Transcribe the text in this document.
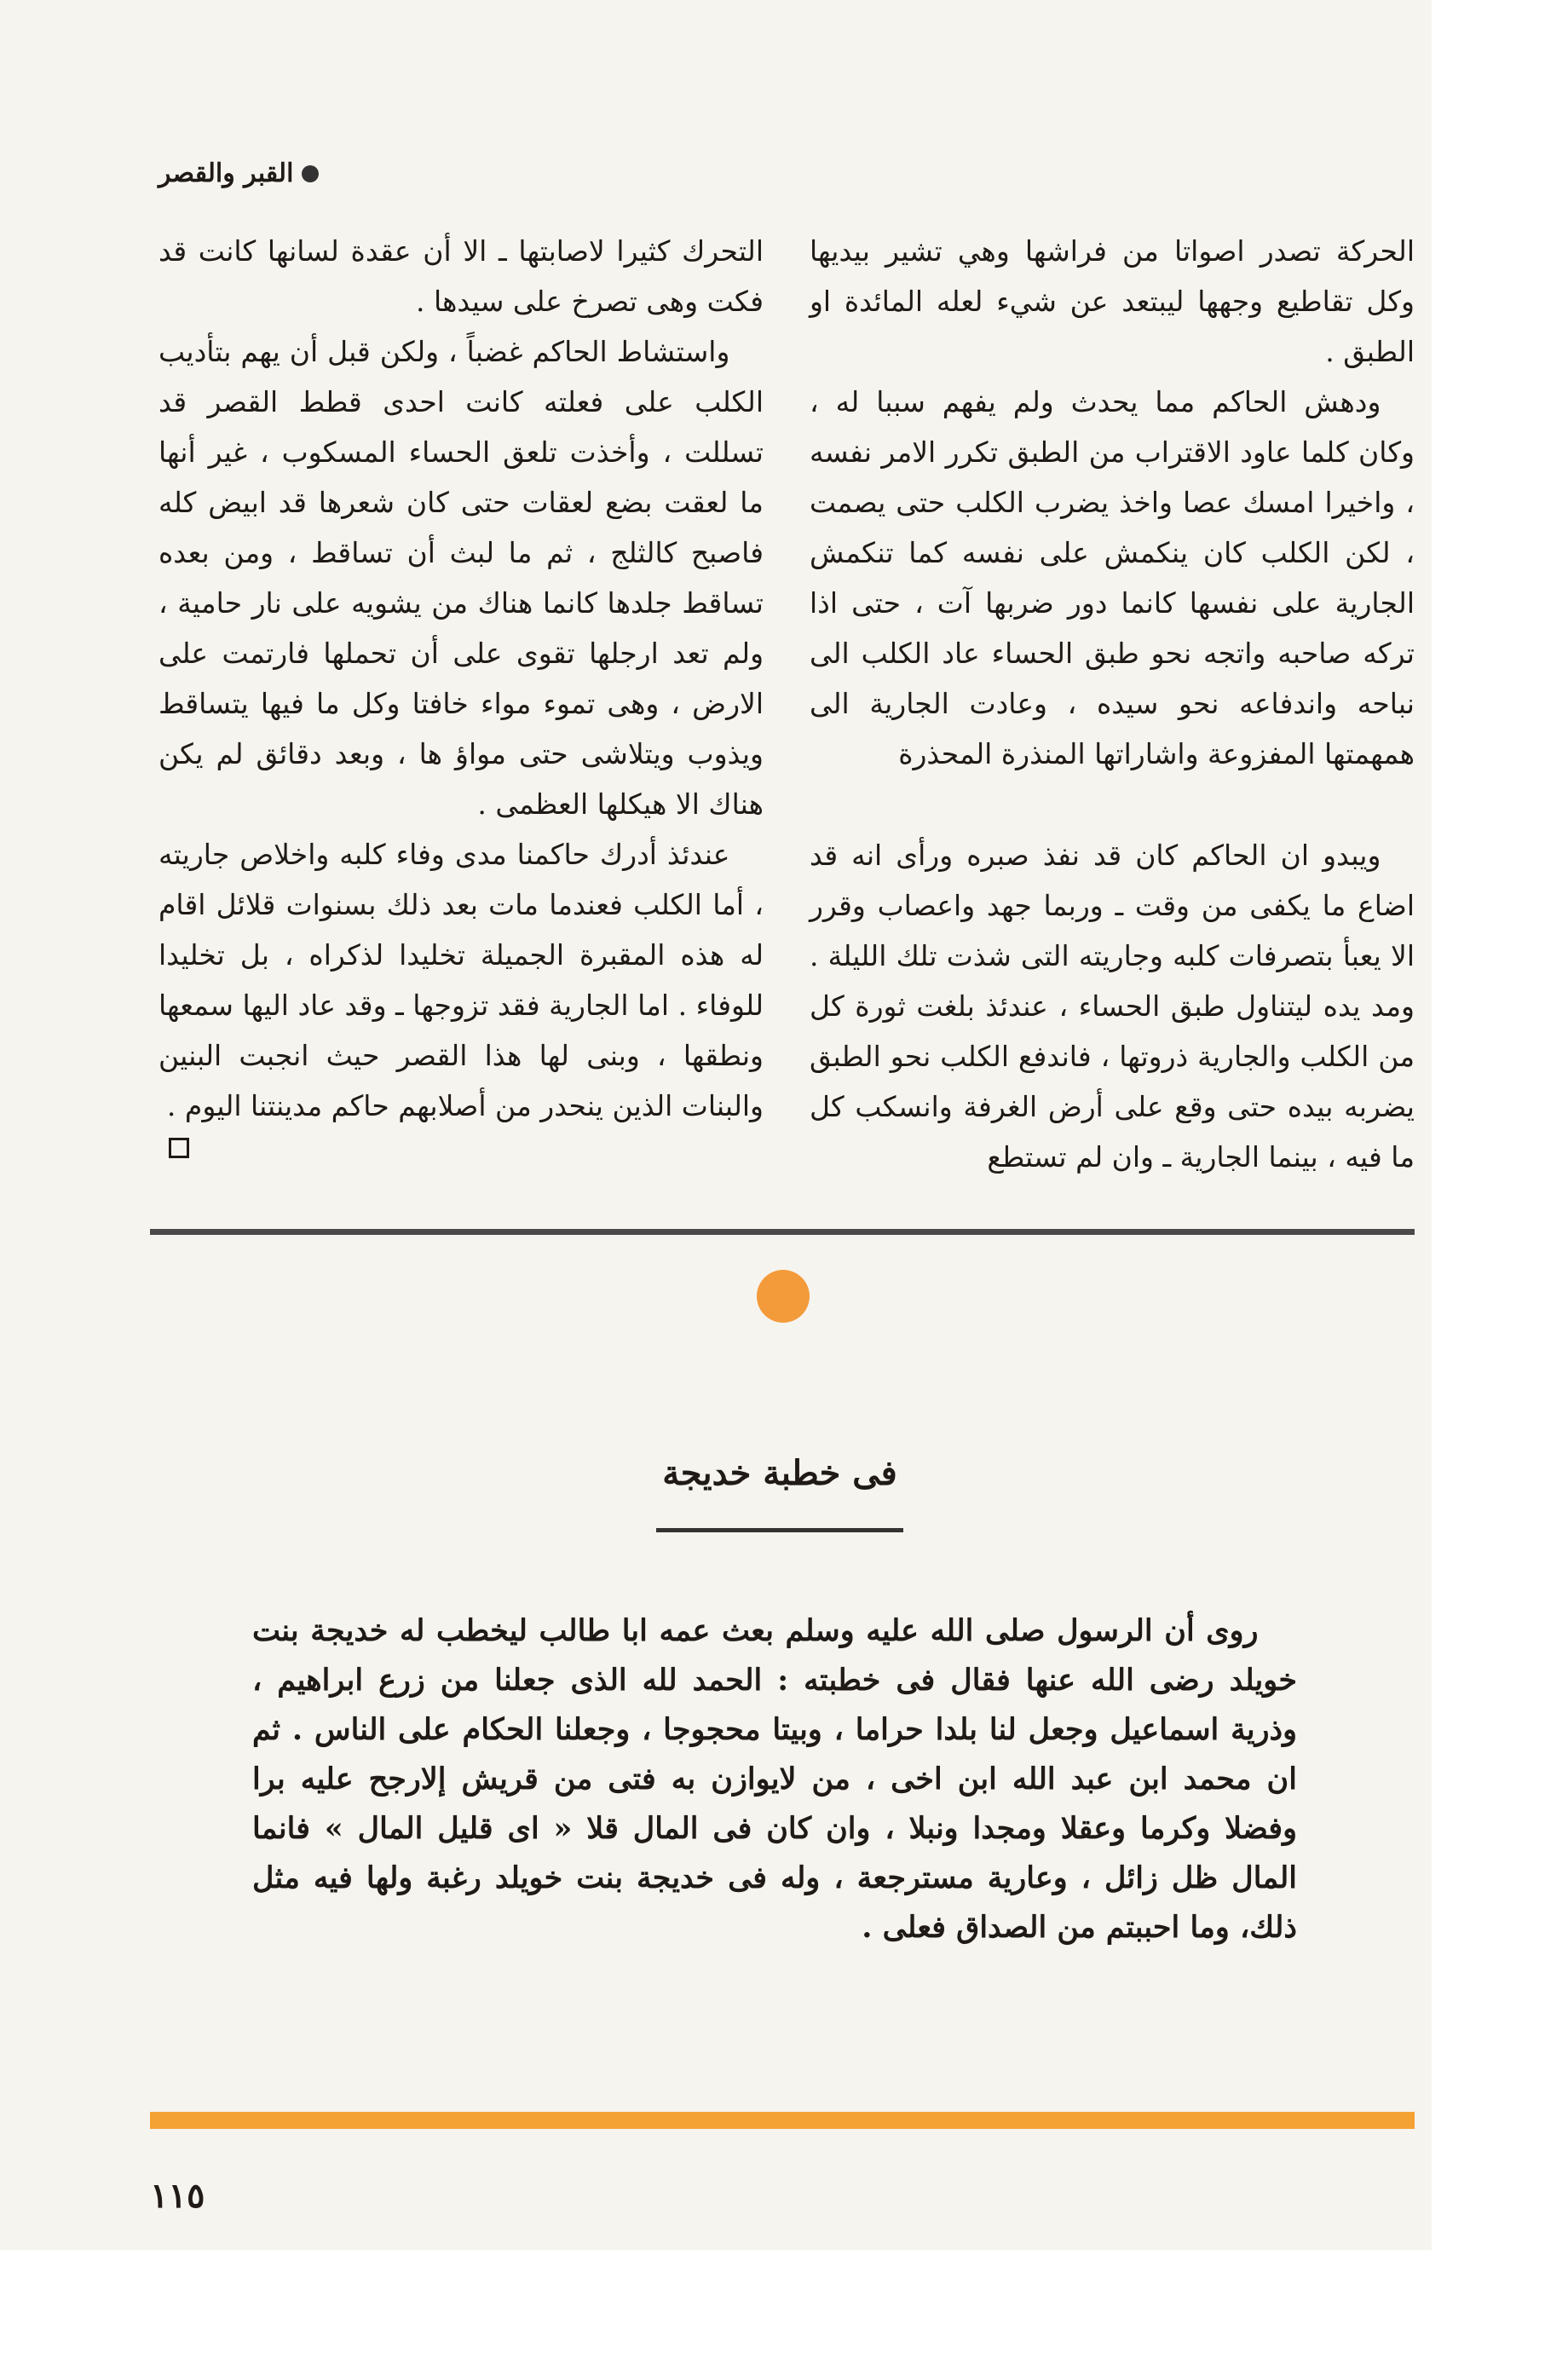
القبر والقصر

الحركة تصدر اصواتا من فراشها وهي تشير بيديها وكل تقاطيع وجهها ليبتعد عن شيء لعله المائدة او الطبق .

ودهش الحاكم مما يحدث ولم يفهم سببا له ، وكان كلما عاود الاقتراب من الطبق تكرر الامر نفسه ، واخيرا امسك عصا واخذ يضرب الكلب حتى يصمت ، لكن الكلب كان ينكمش على نفسه كما تنكمش الجارية على نفسها كانما دور ضربها آت ، حتى اذا تركه صاحبه واتجه نحو طبق الحساء عاد الكلب الى نباحه واندفاعه نحو سيده ، وعادت الجارية الى همهمتها المفزوعة واشاراتها المنذرة المحذرة

ويبدو ان الحاكم كان قد نفذ صبره ورأى انه قد اضاع ما يكفى من وقت ـ وربما جهد واعصاب وقرر الا يعبأ بتصرفات كلبه وجاريته التى شذت تلك الليلة . ومد يده ليتناول طبق الحساء ، عندئذ بلغت ثورة كل من الكلب والجارية ذروتها ، فاندفع الكلب نحو الطبق يضربه بيده حتى وقع على أرض الغرفة وانسكب كل ما فيه ، بينما الجارية ـ وان لم تستطع

التحرك كثيرا لاصابتها ـ الا أن عقدة لسانها كانت قد فكت وهى تصرخ على سيدها .

واستشاط الحاكم غضباً ، ولكن قبل أن يهم بتأديب الكلب على فعلته كانت احدى قطط القصر قد تسللت ، وأخذت تلعق الحساء المسكوب ، غير أنها ما لعقت بضع لعقات حتى كان شعرها قد ابيض كله فاصبح كالثلج ، ثم ما لبث أن تساقط ، ومن بعده تساقط جلدها كانما هناك من يشويه على نار حامية ، ولم تعد ارجلها تقوى على أن تحملها فارتمت على الارض ، وهى تموء مواء خافتا وكل ما فيها يتساقط ويذوب ويتلاشى حتى مواؤ ها ، وبعد دقائق لم يكن هناك الا هيكلها العظمى .

عندئذ أدرك حاكمنا مدى وفاء كلبه واخلاص جاريته ، أما الكلب فعندما مات بعد ذلك بسنوات قلائل اقام له هذه المقبرة الجميلة تخليدا لذكراه ، بل تخليدا للوفاء . اما الجارية فقد تزوجها ـ وقد عاد اليها سمعها ونطقها ، وبنى لها هذا القصر حيث انجبت البنين والبنات الذين ينحدر من أصلابهم حاكم مدينتنا اليوم .

فى خطبة خديجة

روى أن الرسول صلى الله عليه وسلم بعث عمه ابا طالب ليخطب له خديجة بنت خويلد رضى الله عنها فقال فى خطبته : الحمد لله الذى جعلنا من زرع ابراهيم ، وذرية اسماعيل وجعل لنا بلدا حراما ، وبيتا محجوجا ، وجعلنا الحكام على الناس . ثم ان محمد ابن عبد الله ابن اخى ، من لايوازن به فتى من قريش إلارجح عليه برا وفضلا وكرما وعقلا ومجدا ونبلا ، وان كان فى المال قلا « اى قليل المال » فانما المال ظل زائل ، وعارية مسترجعة ، وله فى خديجة بنت خويلد رغبة ولها فيه مثل ذلك، وما احببتم من الصداق فعلى .

١١٥
